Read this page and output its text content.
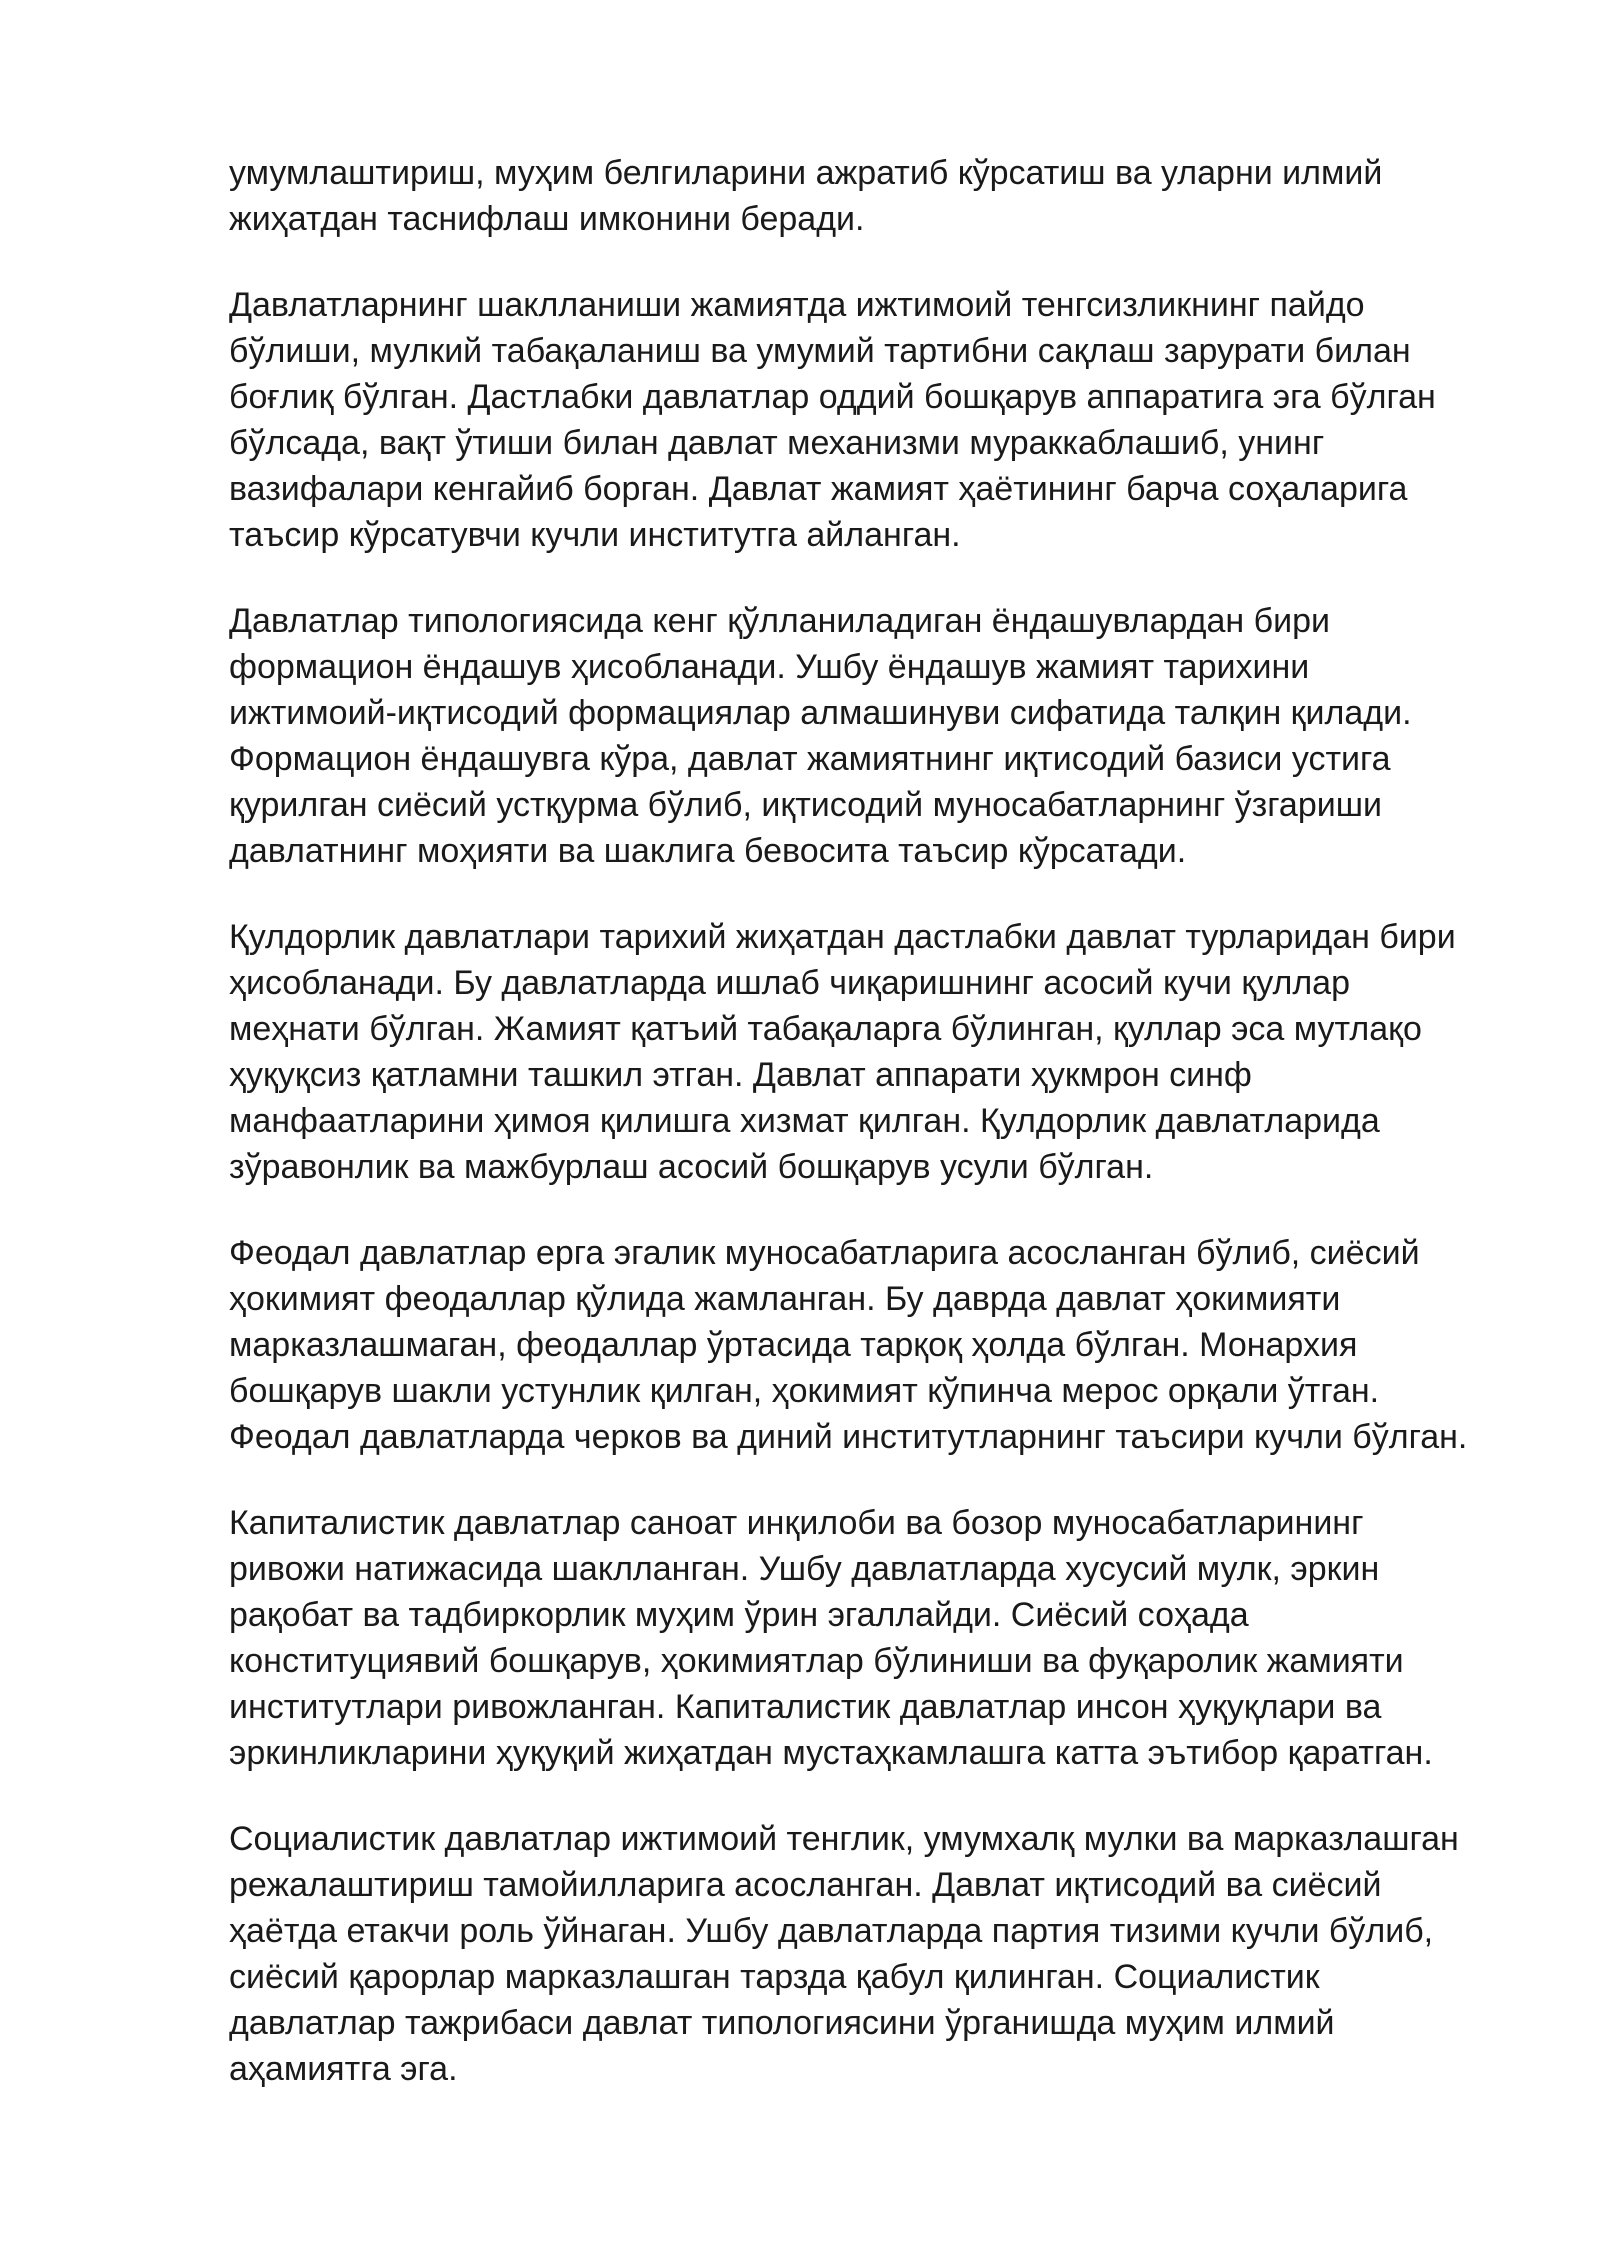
умумлаштириш, муҳим белгиларини ажратиб кўрсатиш ва уларни илмий
жиҳатдан таснифлаш имконини беради.

Давлатларнинг шаклланиши жамиятда ижтимоий тенгсизликнинг пайдо
бўлиши, мулкий табақаланиш ва умумий тартибни сақлаш зарурати билан
боғлиқ бўлган. Дастлабки давлатлар оддий бошқарув аппаратига эга бўлган
бўлсада, вақт ўтиши билан давлат механизми мураккаблашиб, унинг
вазифалари кенгайиб борган. Давлат жамият ҳаётининг барча соҳаларига
таъсир кўрсатувчи кучли институтга айланган.

Давлатлар типологиясида кенг қўлланиладиган ёндашувлардан бири
формацион ёндашув ҳисобланади. Ушбу ёндашув жамият тарихини
ижтимоий-иқтисодий формациялар алмашинуви сифатида талқин қилади.
Формацион ёндашувга кўра, давлат жамиятнинг иқтисодий базиси устига
қурилган сиёсий устқурма бўлиб, иқтисодий муносабатларнинг ўзгариши
давлатнинг моҳияти ва шаклига бевосита таъсир кўрсатади.

Қулдорлик давлатлари тарихий жиҳатдан дастлабки давлат турларидан бири
ҳисобланади. Бу давлатларда ишлаб чиқаришнинг асосий кучи қуллар
меҳнати бўлган. Жамият қатъий табақаларга бўлинган, қуллар эса мутлақо
ҳуқуқсиз қатламни ташкил этган. Давлат аппарати ҳукмрон синф
манфаатларини ҳимоя қилишга хизмат қилган. Қулдорлик давлатларида
зўравонлик ва мажбурлаш асосий бошқарув усули бўлган.

Феодал давлатлар ерга эгалик муносабатларига асосланган бўлиб, сиёсий
ҳокимият феодаллар қўлида жамланган. Бу даврда давлат ҳокимияти
марказлашмаган, феодаллар ўртасида тарқоқ ҳолда бўлган. Монархия
бошқарув шакли устунлик қилган, ҳокимият кўпинча мерос орқали ўтган.
Феодал давлатларда черков ва диний институтларнинг таъсири кучли бўлган.

Капиталистик давлатлар саноат инқилоби ва бозор муносабатларининг
ривожи натижасида шаклланган. Ушбу давлатларда хусусий мулк, эркин
рақобат ва тадбиркорлик муҳим ўрин эгаллайди. Сиёсий соҳада
конституциявий бошқарув, ҳокимиятлар бўлиниши ва фуқаролик жамияти
институтлари ривожланган. Капиталистик давлатлар инсон ҳуқуқлари ва
эркинликларини ҳуқуқий жиҳатдан мустаҳкамлашга катта эътибор қаратган.

Социалистик давлатлар ижтимоий тенглик, умумхалқ мулки ва марказлашган
режалаштириш тамойилларига асосланган. Давлат иқтисодий ва сиёсий
ҳаётда етакчи роль ўйнаган. Ушбу давлатларда партия тизими кучли бўлиб,
сиёсий қарорлар марказлашган тарзда қабул қилинган. Социалистик
давлатлар тажрибаси давлат типологиясини ўрганишда муҳим илмий
аҳамиятга эга.
